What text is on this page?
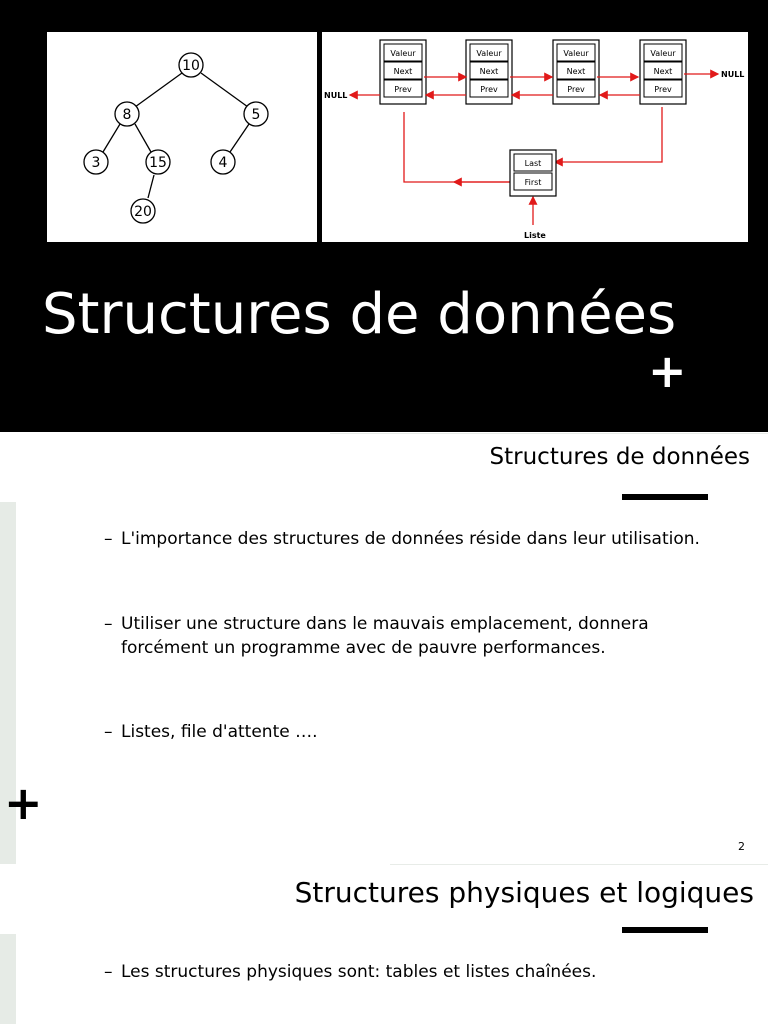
10
8	5
3	15	4
20
Valeur
Next
Prev
Valeur
Next
Prev
Valeur
Next
Prev
Valeur
Next
Prev
Last
First
NULL
NULL
Liste
Structures de données
+
Structures de données
– L'importance des structures de données réside dans leur utilisation.
– Utiliser une structure dans le mauvais emplacement, donnera forcément un programme avec de pauvre performances.
– Listes, file d'attente ….
+
2
Structures physiques et logiques
– Les structures physiques sont: tables et listes chaînées.
